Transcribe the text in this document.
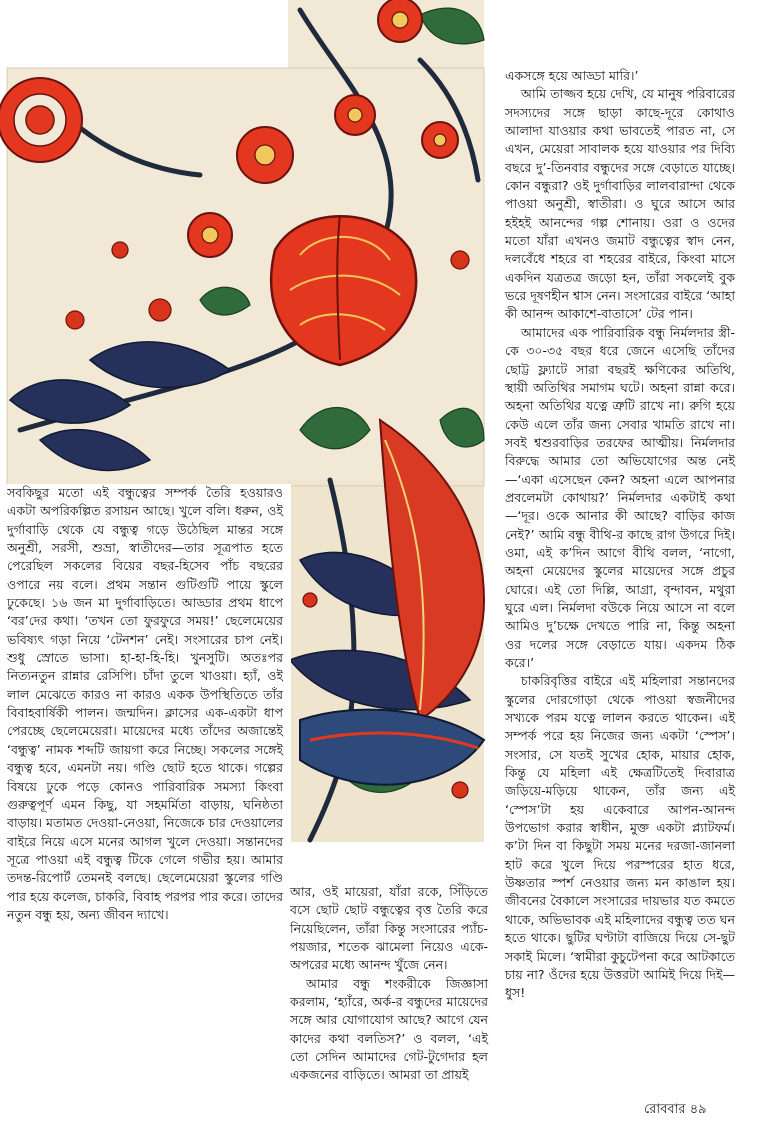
একসঙ্গে হয়ে আড্ডা মারি।’

আমি তাজ্জব হয়ে দেখি, যে মানুষ পরিবারের সদস্যদের সঙ্গে ছাড়া কাছে-দূরে কোথাও আলাদা যাওয়ার কথা ভাবতেই পারত না, সে এখন, মেয়েরা সাবালক হয়ে যাওয়ার পর দিব্যি বছরে দু’-তিনবার বন্ধুদের সঙ্গে বেড়াতে যাচ্ছে। কোন বন্ধুরা? ওই দুর্গাবাড়ির লালবারান্দা থেকে পাওয়া অনুশ্রী, স্বাতীরা। ও ঘুরে আসে আর হইহই আনন্দের গল্প শোনায়। ওরা ও ওদের মতো যাঁরা এখনও জমাট বন্ধুত্বের স্বাদ নেন, দলবেঁধে শহরে বা শহরের বাইরে, কিংবা মাসে একদিন যত্রতত্র জড়ো হন, তাঁরা সকলেই বুক ভরে দূষণহীন শ্বাস নেন। সংসারের বাইরে ‘আহা কী আনন্দ আকাশে-বাতাসে’ টের পান।

আমাদের এক পারিবারিক বন্ধু নির্মলদার স্ত্রী-কে ৩০-৩৫ বছর ধরে জেনে এসেছি তাঁদের ছোট্ট ফ্ল্যাটে সারা বছরই ক্ষণিকের অতিথি, স্থায়ী অতিথির সমাগম ঘটে। অহনা রান্না করে। অহনা অতিথির যত্নে ত্রুটি রাখে না। রুগি হয়ে কেউ এলে তাঁর জন্য সেবার খামতি রাখে না। সবই শ্বশুরবাড়ির তরফের আত্মীয়। নির্মলদার বিরুদ্ধে আমার তো অভিযোগের অন্ত নেই—‘একা এসেছেন কেন? অহনা এলে আপনার প্রবলেমটা কোথায়?’ নির্মলদার একটাই কথা—‘দূর। ওকে আনার কী আছে? বাড়ির কাজ নেই?’ আমি বন্ধু বীথি-র কাছে রাগ উগরে দিই। ওমা, এই ক’দিন আগে বীথি বলল, ‘নাগো, অহনা মেয়েদের স্কুলের মায়েদের সঙ্গে প্রচুর ঘোরে। এই তো দিল্লি, আগ্রা, বৃন্দাবন, মথুরা ঘুরে এল। নির্মলদা বউকে নিয়ে আসে না বলে আমিও দু’চক্ষে দেখতে পারি না, কিন্তু অহনা ওর দলের সঙ্গে বেড়াতে যায়। একদম ঠিক করে।’

চাকরিবৃত্তির বাইরে এই মহিলারা সন্তানদের স্কুলের দোরগোড়া থেকে পাওয়া স্বজনীদের সখ্যকে পরম যত্নে লালন করতে থাকেন। এই সম্পর্ক পরে হয় নিজের জন্য একটা ‘স্পেস’। সংসার, সে যতই সুখের হোক, মায়ার হোক, কিন্তু যে মহিলা এই ক্ষেত্রটিতেই দিবারাত্র জড়িয়ে-মড়িয়ে থাকেন, তাঁর জন্য এই ‘স্পেস’টা হয় একেবারে আপন-আনন্দ উপভোগ করার স্বাধীন, মুক্ত একটা প্ল্যাটফর্ম। ক’টা দিন বা কিছুটা সময় মনের দরজা-জানলা হাট করে খুলে দিয়ে পরস্পরের হাত ধরে, উষ্ণতার স্পর্শ নেওয়ার জন্য মন কাঙাল হয়। জীবনের বৈকালে সংসারের দায়ভার যত কমতে থাকে, অভিভাবক এই মহিলাদের বন্ধুত্ব তত ঘন হতে থাকে। ছুটির ঘণ্টাটা বাজিয়ে দিয়ে সে-ছুট সকাই মিলে। ‘স্বামীরা কুচুটেপনা করে আটকাতে চায় না? ওঁদের হয়ে উত্তরটা আমিই দিয়ে দিই—ধুস!

সবকিছুর মতো এই বন্ধুত্বের সম্পর্ক তৈরি হওয়ারও একটা অপরিকল্পিত রসায়ন আছে। খুলে বলি। ধরুন, ওই দুর্গাবাড়ি থেকে যে বন্ধুত্ব গড়ে উঠেছিল মান্তর সঙ্গে অনুশ্রী, সরসী, শুভ্রা, স্বাতীদের—তার সূত্রপাত হতে পেরেছিল সকলের বিয়ের বছর-হিসেব পাঁচ বছরের ওপারে নয় বলে। প্রথম সন্তান গুটিগুটি পায়ে স্কুলে ঢুকেছে। ১৬ জন মা দুর্গাবাড়িতে। আড্ডার প্রথম ধাপে ‘বর’দের কথা। ‘তখন তো ফুরফুরে সময়!’ ছেলেমেয়ের ভবিষ্যৎ গড়া নিয়ে ‘টেনশন’ নেই। সংসারের চাপ নেই। শুধু স্রোতে ভাসা। হা-হা-হি-হি। খুনসুটি। অতঃপর নিত্যনতুন রান্নার রেসিপি। চাঁদা তুলে খাওয়া। হ্যাঁ, ওই লাল মেঝেতে কারও না কারও একক উপস্থিতিতে তাঁর বিবাহবার্ষিকী পালন। জন্মদিন। ক্লাসের এক-একটা ধাপ পেরচ্ছে ছেলেমেয়েরা। মায়েদের মধ্যে তাঁদের অজান্তেই ‘বন্ধুত্ব’ নামক শব্দটি জায়গা করে নিচ্ছে। সকলের সঙ্গেই বন্ধুত্ব হবে, এমনটা নয়। গণ্ডি ছোট হতে থাকে। গল্পের বিষয়ে ঢুকে পড়ে কোনও পারিবারিক সমস্যা কিংবা গুরুত্বপূর্ণ এমন কিছু, যা সহমর্মিতা বাড়ায়, ঘনিষ্ঠতা বাড়ায়। মতামত দেওয়া-নেওয়া, নিজেকে চার দেওয়ালের বাইরে নিয়ে এসে মনের আগল খুলে দেওয়া। সন্তানদের সূত্রে পাওয়া এই বন্ধুত্ব টিকে গেলে গভীর হয়। আমার তদন্ত-রিপোর্ট তেমনই বলছে। ছেলেমেয়েরা স্কুলের গণ্ডি পার হয়ে কলেজ, চাকরি, বিবাহ পরপর পার করে। তাদের নতুন বন্ধু হয়, অন্য জীবন দ্যাখে।

আর, ওই মায়েরা, যাঁরা রকে, সিঁড়িতে বসে ছোট ছোট বন্ধুত্বের বৃত্ত তৈরি করে নিয়েছিলেন, তাঁরা কিন্তু সংসারের প্যাঁচ-পয়জার, শতেক ঝামেলা নিয়েও একে-অপরের মধ্যে আনন্দ খুঁজে নেন।

আমার বন্ধু শংকরীকে জিজ্ঞাসা করলাম, ‘হ্যাঁরে, অর্ক-র বন্ধুদের মায়েদের সঙ্গে আর যোগাযোগ আছে? আগে যেন কাদের কথা বলতিস?’ ও বলল, ‘এই তো সেদিন আমাদের গেট-টুগেদার হল একজনের বাড়িতে। আমরা তা প্রায়ই

রোববার ৪৯
